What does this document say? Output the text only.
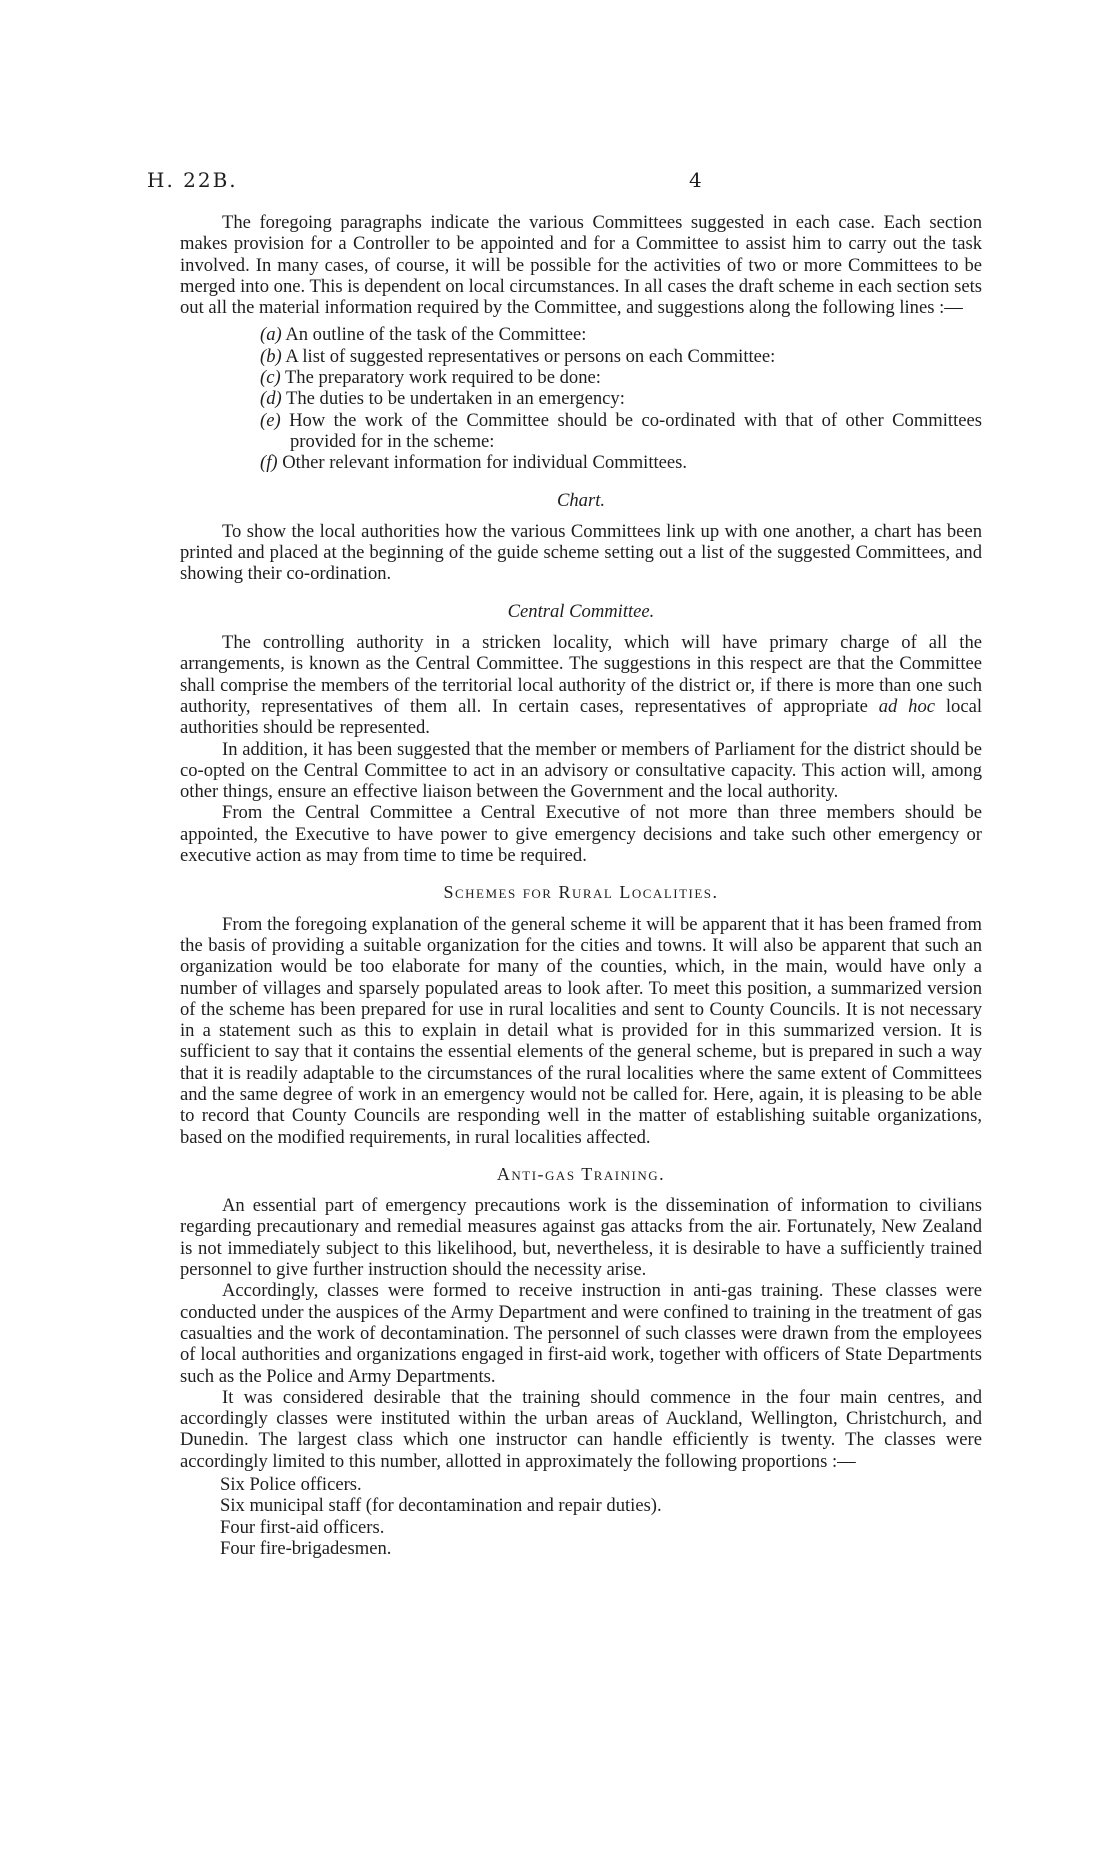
H. 22B.	4

The foregoing paragraphs indicate the various Committees suggested in each case. Each section makes provision for a Controller to be appointed and for a Committee to assist him to carry out the task involved. In many cases, of course, it will be possible for the activities of two or more Committees to be merged into one. This is dependent on local circumstances. In all cases the draft scheme in each section sets out all the material information required by the Committee, and suggestions along the following lines :—

(a) An outline of the task of the Committee:
(b) A list of suggested representatives or persons on each Committee:
(c) The preparatory work required to be done:
(d) The duties to be undertaken in an emergency:
(e) How the work of the Committee should be co-ordinated with that of other Committees provided for in the scheme:
(f) Other relevant information for individual Committees.
Chart.

To show the local authorities how the various Committees link up with one another, a chart has been printed and placed at the beginning of the guide scheme setting out a list of the suggested Committees, and showing their co-ordination.

Central Committee.

The controlling authority in a stricken locality, which will have primary charge of all the arrangements, is known as the Central Committee. The suggestions in this respect are that the Committee shall comprise the members of the territorial local authority of the district or, if there is more than one such authority, representatives of them all. In certain cases, representatives of appropriate ad hoc local authorities should be represented.

In addition, it has been suggested that the member or members of Parliament for the district should be co-opted on the Central Committee to act in an advisory or consultative capacity. This action will, among other things, ensure an effective liaison between the Government and the local authority.

From the Central Committee a Central Executive of not more than three members should be appointed, the Executive to have power to give emergency decisions and take such other emergency or executive action as may from time to time be required.

Schemes for Rural Localities.

From the foregoing explanation of the general scheme it will be apparent that it has been framed from the basis of providing a suitable organization for the cities and towns. It will also be apparent that such an organization would be too elaborate for many of the counties, which, in the main, would have only a number of villages and sparsely populated areas to look after. To meet this position, a summarized version of the scheme has been prepared for use in rural localities and sent to County Councils. It is not necessary in a statement such as this to explain in detail what is provided for in this summarized version. It is sufficient to say that it contains the essential elements of the general scheme, but is prepared in such a way that it is readily adaptable to the circumstances of the rural localities where the same extent of Committees and the same degree of work in an emergency would not be called for. Here, again, it is pleasing to be able to record that County Councils are responding well in the matter of establishing suitable organizations, based on the modified requirements, in rural localities affected.

Anti-gas Training.

An essential part of emergency precautions work is the dissemination of information to civilians regarding precautionary and remedial measures against gas attacks from the air. Fortunately, New Zealand is not immediately subject to this likelihood, but, nevertheless, it is desirable to have a sufficiently trained personnel to give further instruction should the necessity arise.

Accordingly, classes were formed to receive instruction in anti-gas training. These classes were conducted under the auspices of the Army Department and were confined to training in the treatment of gas casualties and the work of decontamination. The personnel of such classes were drawn from the employees of local authorities and organizations engaged in first-aid work, together with officers of State Departments such as the Police and Army Departments.

It was considered desirable that the training should commence in the four main centres, and accordingly classes were instituted within the urban areas of Auckland, Wellington, Christchurch, and Dunedin. The largest class which one instructor can handle efficiently is twenty. The classes were accordingly limited to this number, allotted in approximately the following proportions :—

Six Police officers.
Six municipal staff (for decontamination and repair duties).
Four first-aid officers.
Four fire-brigadesmen.
